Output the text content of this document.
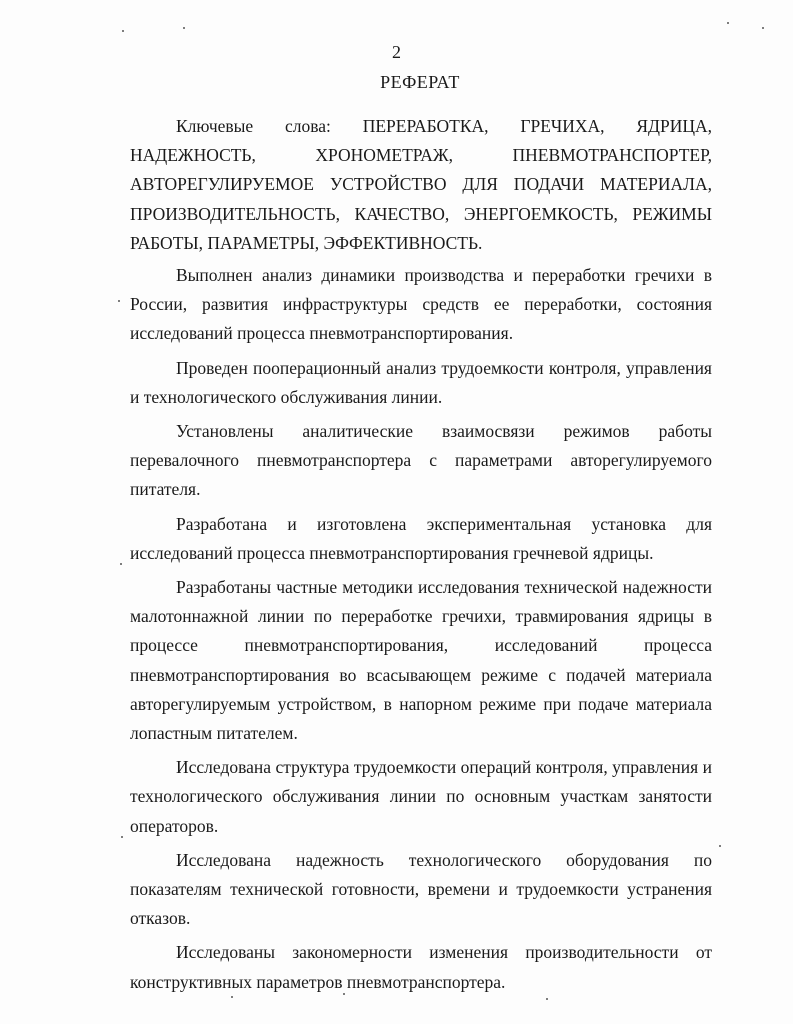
2
РЕФЕРАТ

Ключевые слова: ПЕРЕРАБОТКА, ГРЕЧИХА, ЯДРИЦА, НАДЕЖНОСТЬ, ХРОНОМЕТРАЖ, ПНЕВМОТРАНСПОРТЕР, АВТОРЕГУЛИРУЕМОЕ УСТРОЙСТВО ДЛЯ ПОДАЧИ МАТЕРИАЛА, ПРОИЗВОДИТЕЛЬНОСТЬ, КАЧЕСТВО, ЭНЕРГОЕМКОСТЬ, РЕЖИМЫ РАБОТЫ, ПАРАМЕТРЫ, ЭФФЕКТИВНОСТЬ.

Выполнен анализ динамики производства и переработки гречихи в России, развития инфраструктуры средств ее переработки, состояния исследований процесса пневмотранспортирования.

Проведен пооперационный анализ трудоемкости контроля, управления и технологического обслуживания линии.

Установлены аналитические взаимосвязи режимов работы перевалочного пневмотранспортера с параметрами авторегулируемого питателя.

Разработана и изготовлена экспериментальная установка для исследований процесса пневмотранспортирования гречневой ядрицы.

Разработаны частные методики исследования технической надежности малотоннажной линии по переработке гречихи, травмирования ядрицы в процессе пневмотранспортирования, исследований процесса пневмотранспортирования во всасывающем режиме с подачей материала авторегулируемым устройством, в напорном режиме при подаче материала лопастным питателем.

Исследована структура трудоемкости операций контроля, управления и технологического обслуживания линии по основным участкам занятости операторов.

Исследована надежность технологического оборудования по показателям технической готовности, времени и трудоемкости устранения отказов.

Исследованы закономерности изменения производительности от конструктивных параметров пневмотранспортера.
